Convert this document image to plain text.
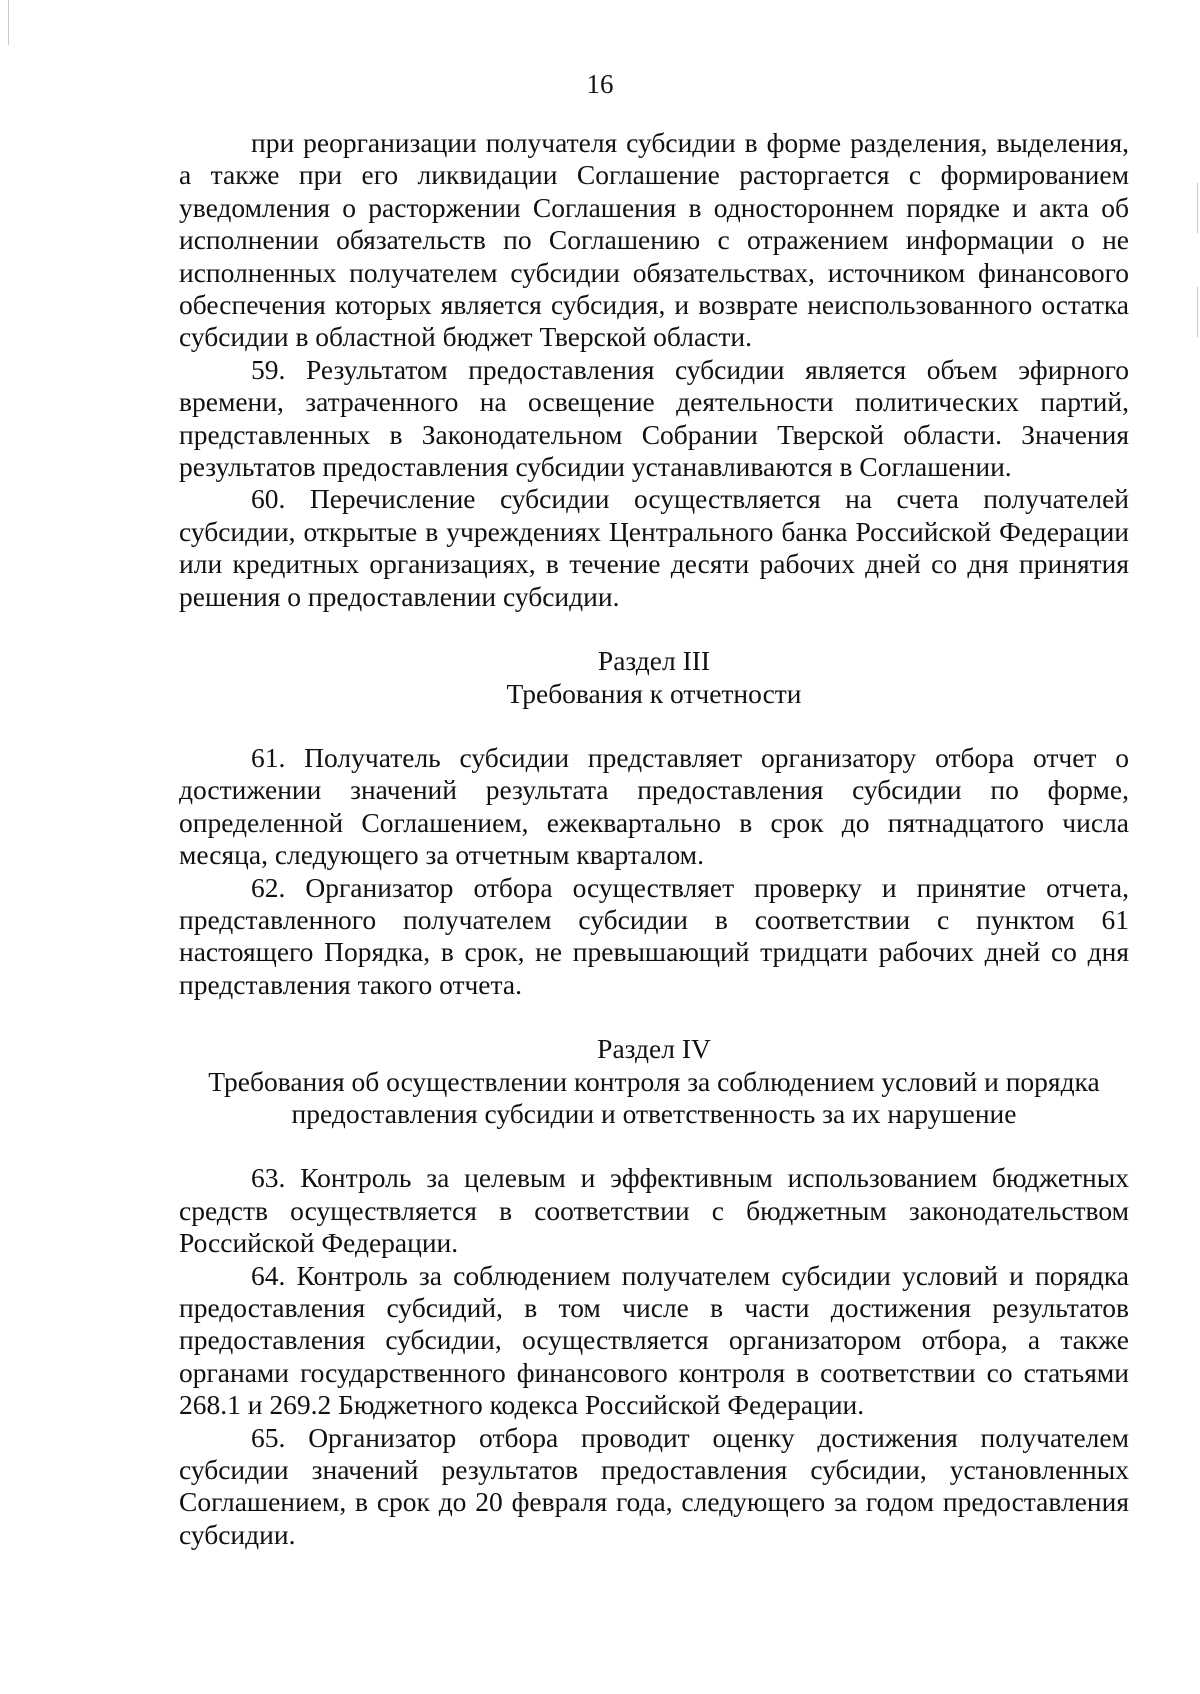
16

при реорганизации получателя субсидии в форме разделения, выделения, а также при его ликвидации Соглашение расторгается с формированием уведомления о расторжении Соглашения в одностороннем порядке и акта об исполнении обязательств по Соглашению с отражением информации о не исполненных получателем субсидии обязательствах, источником финансового обеспечения которых является субсидия, и возврате неиспользованного остатка субсидии в областной бюджет Тверской области.

59. Результатом предоставления субсидии является объем эфирного времени, затраченного на освещение деятельности политических партий, представленных в Законодательном Собрании Тверской области. Значения результатов предоставления субсидии устанавливаются в Соглашении.

60. Перечисление субсидии осуществляется на счета получателей субсидии, открытые в учреждениях Центрального банка Российской Федерации или кредитных организациях, в течение десяти рабочих дней со дня принятия решения о предоставлении субсидии.

Раздел III
Требования к отчетности

61. Получатель субсидии представляет организатору отбора отчет о достижении значений результата предоставления субсидии по форме, определенной Соглашением, ежеквартально в срок до пятнадцатого числа месяца, следующего за отчетным кварталом.

62. Организатор отбора осуществляет проверку и принятие отчета, представленного получателем субсидии в соответствии с пунктом 61 настоящего Порядка, в срок, не превышающий тридцати рабочих дней со дня представления такого отчета.

Раздел IV
Требования об осуществлении контроля за соблюдением условий и порядка предоставления субсидии и ответственность за их нарушение

63. Контроль за целевым и эффективным использованием бюджетных средств осуществляется в соответствии с бюджетным законодательством Российской Федерации.

64. Контроль за соблюдением получателем субсидии условий и порядка предоставления субсидий, в том числе в части достижения результатов предоставления субсидии, осуществляется организатором отбора, а также органами государственного финансового контроля в соответствии со статьями 268.1 и 269.2 Бюджетного кодекса Российской Федерации.

65. Организатор отбора проводит оценку достижения получателем субсидии значений результатов предоставления субсидии, установленных Соглашением, в срок до 20 февраля года, следующего за годом предоставления субсидии.
